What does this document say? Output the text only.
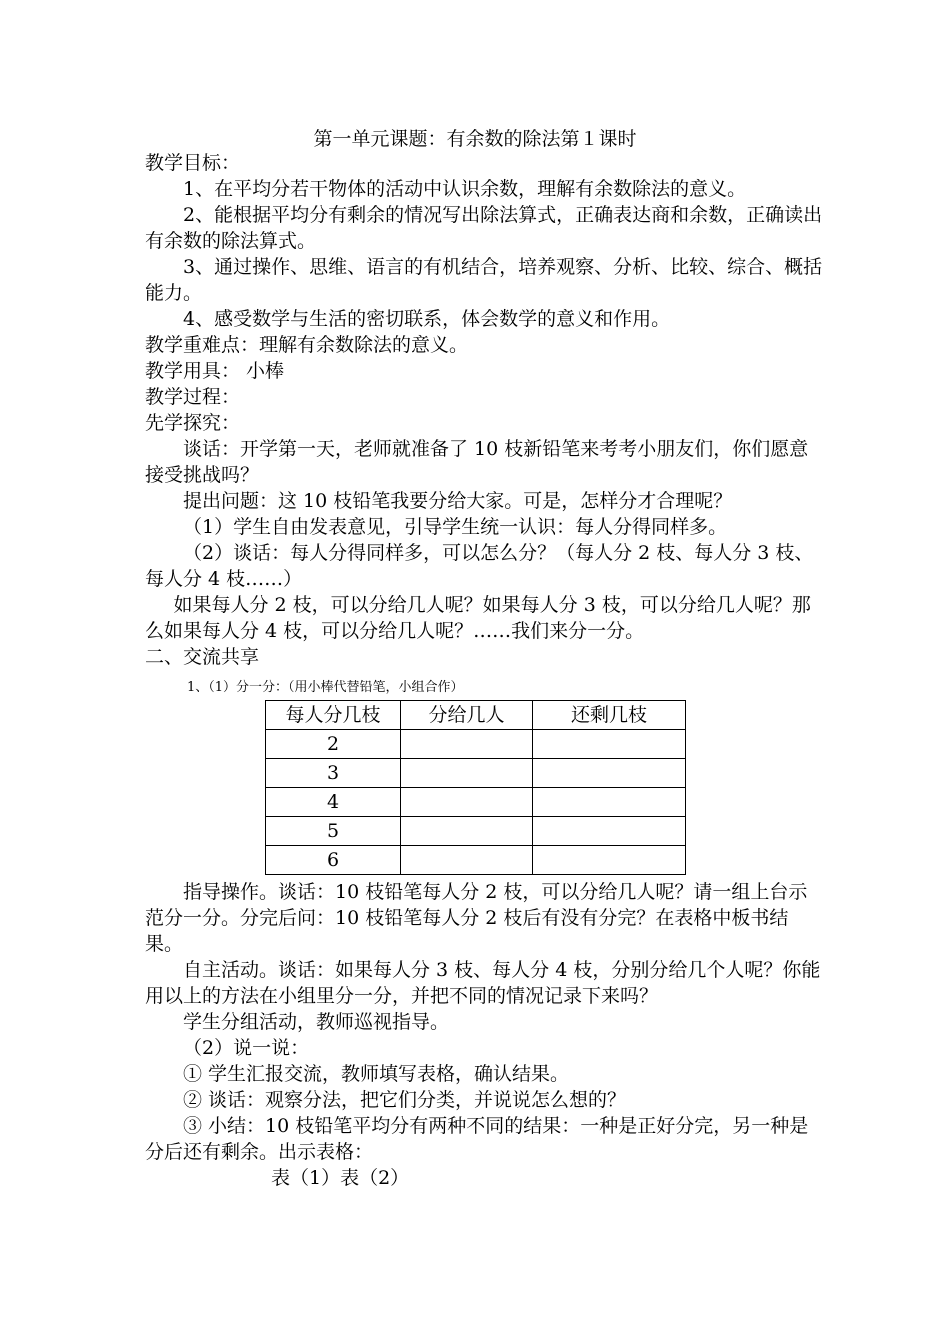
第一单元课题：有余数的除法第１课时

教学目标：

1、在平均分若干物体的活动中认识余数，理解有余数除法的意义。

2、能根据平均分有剩余的情况写出除法算式，正确表达商和余数，正确读出有余数的除法算式。

3、通过操作、思维、语言的有机结合，培养观察、分析、比较、综合、概括能力。

4、感受数学与生活的密切联系，体会数学的意义和作用。

教学重难点：理解有余数除法的意义。

教学用具： 小棒

教学过程：

先学探究：

谈话：开学第一天，老师就准备了 10 枝新铅笔来考考小朋友们，你们愿意接受挑战吗？

提出问题：这 10 枝铅笔我要分给大家。可是，怎样分才合理呢？

（1）学生自由发表意见，引导学生统一认识：每人分得同样多。

（2）谈话：每人分得同样多，可以怎么分？（每人分 2 枝、每人分 3 枝、每人分 4 枝……）

如果每人分 2 枝，可以分给几人呢？如果每人分 3 枝，可以分给几人呢？那么如果每人分 4 枝，可以分给几人呢？……我们来分一分。

二、交流共享

1、（1）分一分：（用小棒代替铅笔，小组合作）

每人分几枝	分给几人	还剩几枝
2		
3		
4		
5		
6		

指导操作。谈话：10 枝铅笔每人分 2 枝，可以分给几人呢？请一组上台示

范分一分。分完后问：10 枝铅笔每人分 2 枝后有没有分完？在表格中板书结果。

自主活动。谈话：如果每人分 3 枝、每人分 4 枝，分别分给几个人呢？你能用以上的方法在小组里分一分，并把不同的情况记录下来吗？

学生分组活动，教师巡视指导。

（2）说一说：

① 学生汇报交流，教师填写表格，确认结果。

② 谈话：观察分法，把它们分类，并说说怎么想的？

③ 小结：10 枝铅笔平均分有两种不同的结果：一种是正好分完，另一种是分后还有剩余。出示表格：

表（1）表（2）
